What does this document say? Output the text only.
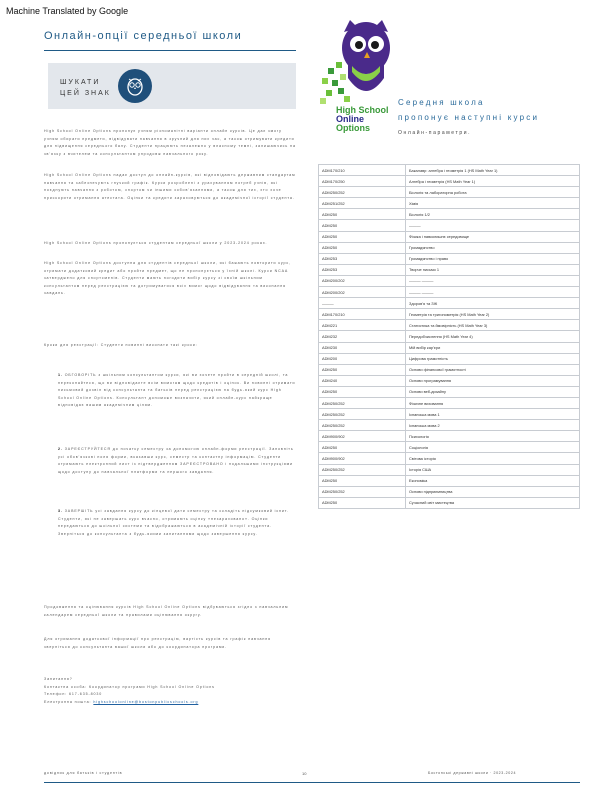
Machine Translated by Google
Онлайн-опції середньої школи
ШУКАТИ
ЦЕЙ ЗНАК
High School Online Options пропонує учням різноманітні варіанти онлайн курсів. Це дає змогу учням обирати предмети, відвідувати навчання в зручний для них час, а також отримувати кредити для підвищення середнього балу. Студенти працюють незалежно у власному темпі, залишаючись на зв’язку з вчителем та консультантом упродовж навчального року.
High School Online Options надає доступ до онлайн-курсів, які відповідають державним стандартам навчання та забезпечують гнучкий графік. Курси розроблені з урахуванням потреб учнів, які поєднують навчання з роботою, спортом чи іншими зобов’язаннями, а також для тих, хто хоче прискорити отримання атестата. Оцінки та кредити зараховуються до академічної історії студента.
High School Online Options пропонується студентам середньої школи у 2023-2024 роках.
High School Online Options доступна для студентів середньої школи, які бажають повторити курс, отримати додатковий кредит або пройти предмет, що не пропонується у їхній школі. Курси NCAA затверджено для спортсменів. Студенти мають погодити вибір курсу зі своїм шкільним консультантом перед реєстрацією та дотримуватися всіх вимог щодо відвідування та виконання завдань.
Кроки для реєстрації: Студенти повинні виконати такі кроки:
1. ОБГОВОРІТЬ з шкільним консультантом курси, які ви хочете пройти в середній школі, та переконайтеся, що ви відповідаєте всім вимогам щодо кредитів і оцінок. Ви повинні отримати письмовий дозвіл від консультанта та батьків перед реєстрацією на будь-який курс High School Online Options. Консультант допоможе визначити, який онлайн-курс найкраще відповідає вашим академічним цілям.
2. ЗАРЕЄСТРУЙТЕСЯ до початку семестру за допомогою онлайн-форми реєстрації. Заповніть усі обов’язкові поля форми, вказавши курс, семестр та контактну інформацію. Студенти отримають електронний лист із підтвердженням ЗАРЕЄСТРОВАНО і подальшими інструкціями щодо доступу до навчальної платформи та першого завдання.
3. ЗАВЕРШІТЬ усі завдання курсу до кінцевої дати семестру та складіть підсумковий іспит. Студенти, які не завершать курс вчасно, отримають оцінку «незараховано». Оцінки передаються до шкільної системи та відображаються в академічній історії студента. Зверніться до консультанта з будь-якими запитаннями щодо завершення курсу.
Продовження та оцінювання курсів High School Online Options відбуваються згідно з навчальним календарем середньої школи та правилами оцінювання округу.
Для отримання додаткової інформації про реєстрацію, вартість курсів та графік навчання зверніться до консультанта вашої школи або до координатора програми.
Запитання?
Контактна особа: Координатор програми High School Online Options
Телефон: 617-635-8030
Електронна пошта: highschoolonline@bostonpublicschools.org
High School
Online
Options
Середня школа
пропонує наступні курси
Онлайн-параметри.
ADM170/210	Бакалавр: алгебра і геометрія 1 (HS Math Year 1)
ADM170/250	Алгебра і геометрія (HS Math Year 1)
ADM250/252	Біологія та лабораторна робота
ADM251/252	Хімія
ADM250	Біологія 1/2
ADM250	———
ADM250	Фізика і навколишнє середовище
ADM250	Громадянство
ADM253	Громадянство і право
ADM253	Творче письмо 1
ADM200/202	——— ———
ADM200/202	——— ———
———	Здоров’я та ЗЖ
ADM170/210	Геометрія та тригонометрія (HS Math Year 2)
ADM221	Статистика та ймовірність (HS Math Year 3)
ADM232	Передобчислення (HS Math Year 4)
ADM230	Мій вибір кар’єри
ADM200	Цифрова грамотність
ADM250	Основи фінансової грамотності
ADM240	Основи програмування
ADM250	Основи веб-дизайну
ADM250/252	Фізичне виховання
ADM250/252	Іспанська мова 1
ADM250/252	Іспанська мова 2
ADM900/902	Психологія
ADM250	Соціологія
ADM900/902	Світова історія
ADM250/252	Історія США
ADM250	Економіка
ADM250/252	Основи підприємництва
ADM250	Сучасний світ мистецтва
довідник для батьків і студентів	10	Бостонські державні школи · 2023-2024
